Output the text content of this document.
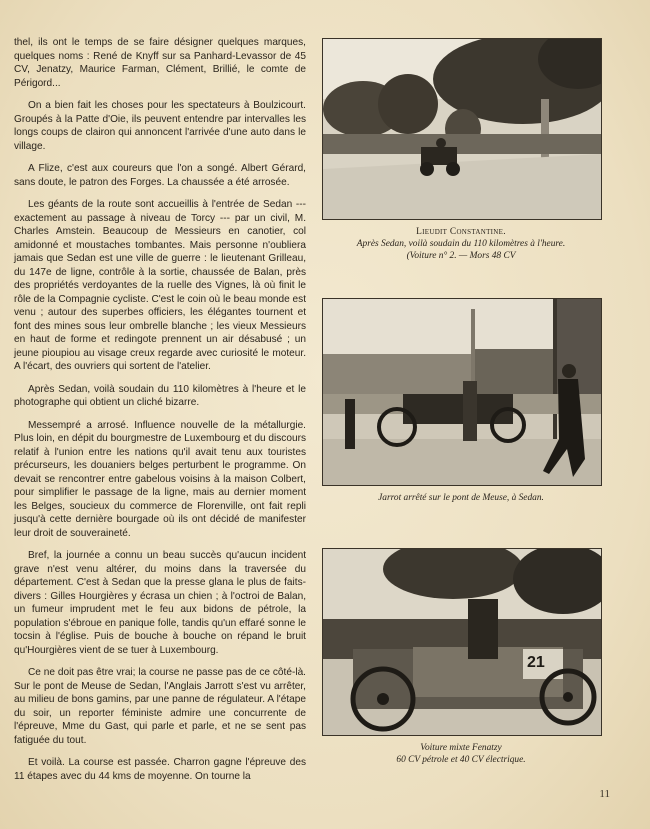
thel, ils ont le temps de se faire désigner quelques marques, quelques noms : René de Knyff sur sa Panhard-Levassor de 45 CV, Jenatzy, Maurice Farman, Clément, Brillié, le comte de Périgord...

On a bien fait les choses pour les spectateurs à Boulzicourt. Groupés à la Patte d'Oie, ils peuvent entendre par intervalles les longs coups de clairon qui annoncent l'arrivée d'une auto dans le village.

A Flize, c'est aux coureurs que l'on a songé. Albert Gérard, sans doute, le patron des Forges. La chaussée a été arrosée.

Les géants de la route sont accueillis à l'entrée de Sedan --- exactement au passage à niveau de Torcy --- par un civil, M. Charles Amstein. Beaucoup de Messieurs en canotier, col amidonné et moustaches tombantes. Mais personne n'oubliera jamais que Sedan est une ville de guerre : le lieutenant Grilleau, du 147e de ligne, contrôle à la sortie, chaussée de Balan, près des propriétés verdoyantes de la ruelle des Vignes, là où finit le rôle de la Compagnie cycliste. C'est le coin où le beau monde est venu ; autour des superbes officiers, les élégantes tournent et font des mines sous leur ombrelle blanche ; les vieux Messieurs en haut de forme et redingote prennent un air désabusé ; un jeune pioupiou au visage creux regarde avec curiosité le moteur. A l'écart, des ouvriers qui sortent de l'atelier.

Après Sedan, voilà soudain du 110 kilomètres à l'heure et le photographe qui obtient un cliché bizarre.

Messempré a arrosé. Influence nouvelle de la métallurgie. Plus loin, en dépit du bourgmestre de Luxembourg et du discours relatif à l'union entre les nations qu'il avait tenu aux touristes précurseurs, les douaniers belges perturbent le programme. On devait se rencontrer entre gabelous voisins à la maison Colbert, pour simplifier le passage de la ligne, mais au dernier moment les Belges, soucieux du commerce de Florenville, ont fait repli jusqu'à cette dernière bourgade où ils ont décidé de manifester leur droit de souveraineté.

Bref, la journée a connu un beau succès qu'aucun incident grave n'est venu altérer, du moins dans la traversée du département. C'est à Sedan que la presse glana le plus de faits-divers : Gilles Hourgières y écrasa un chien ; à l'octroi de Balan, un fumeur imprudent met le feu aux bidons de pétrole, la population s'ébroue en panique folle, tandis qu'un effaré sonne le tocsin à l'église. Puis de bouche à bouche on répand le bruit qu'Hourgières vient de se tuer à Luxembourg.

Ce ne doit pas être vrai; la course ne passe pas de ce côté-là. Sur le pont de Meuse de Sedan, l'Anglais Jarrott s'est vu arrêter, au milieu de bons gamins, par une panne de régulateur. A l'étape du soir, un reporter féministe admire une concurrente de l'épreuve, Mme du Gast, qui parle et parle, et ne se sent pas fatiguée du tout.

Et voilà. La course est passée. Charron gagne l'épreuve des 11 étapes avec du 44 kms de moyenne. On tourne la

Lieudit Constantine.
Après Sedan, voilà soudain du 110 kilomètres à l'heure.
(Voiture n° 2. — Mors 48 CV
Jarrot arrêté sur le pont de Meuse, à Sedan.
21
Voiture mixte Fenatzy
60 CV pétrole et 40 CV électrique.
11
